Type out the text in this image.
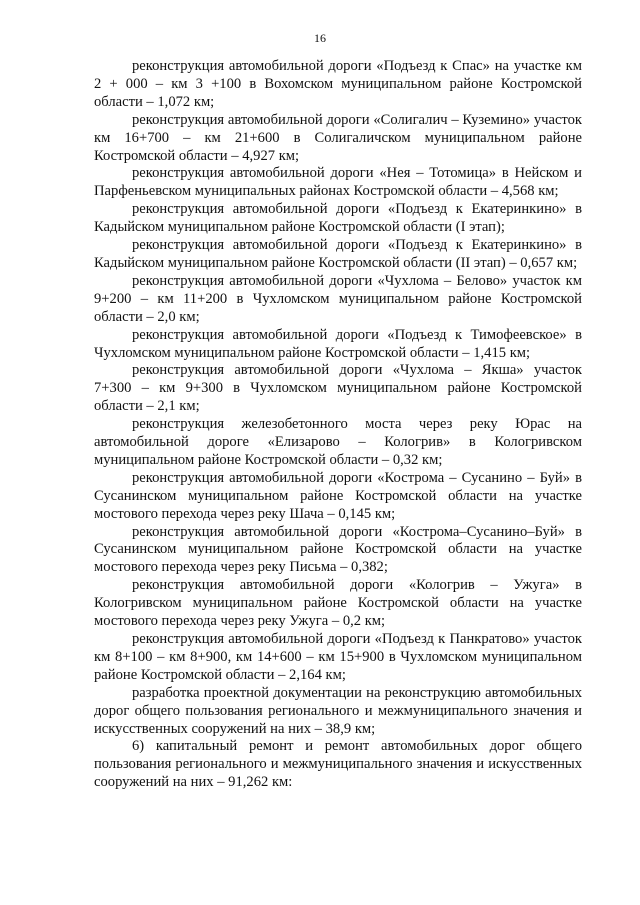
16

реконструкция автомобильной дороги «Подъезд к Спас» на участке км 2 + 000 – км 3 +100 в Вохомском муниципальном районе Костромской области – 1,072 км;

реконструкция автомобильной дороги «Солигалич – Куземино» участок км 16+700 – км 21+600 в Солигаличском муниципальном районе Костромской области – 4,927 км;

реконструкция автомобильной дороги «Нея – Тотомица» в Нейском и Парфеньевском муниципальных районах Костромской области – 4,568 км;

реконструкция автомобильной дороги «Подъезд к Екатеринкино» в Кадыйском муниципальном районе Костромской области (I этап);

реконструкция автомобильной дороги «Подъезд к Екатеринкино» в Кадыйском муниципальном районе Костромской области (II этап) – 0,657 км;

реконструкция автомобильной дороги «Чухлома – Белово» участок км 9+200 – км 11+200 в Чухломском муниципальном районе Костромской области – 2,0 км;

реконструкция автомобильной дороги «Подъезд к Тимофеевское» в Чухломском муниципальном районе Костромской области – 1,415 км;

реконструкция автомобильной дороги «Чухлома – Якша» участок 7+300 – км 9+300 в Чухломском муниципальном районе Костромской области – 2,1 км;

реконструкция железобетонного моста через реку Юрас на автомобильной дороге «Елизарово – Кологрив» в Кологривском муниципальном районе Костромской области – 0,32 км;

реконструкция автомобильной дороги «Кострома – Сусанино – Буй» в Сусанинском муниципальном районе Костромской области на участке мостового перехода через реку Шача – 0,145 км;

реконструкция автомобильной дороги «Кострома–Сусанино–Буй» в Сусанинском муниципальном районе Костромской области на участке мостового перехода через реку Письма – 0,382;

реконструкция автомобильной дороги «Кологрив – Ужуга» в Кологривском муниципальном районе Костромской области на участке мостового перехода через реку Ужуга – 0,2 км;

реконструкция автомобильной дороги «Подъезд к Панкратово» участок км 8+100 – км 8+900, км 14+600 – км 15+900 в Чухломском муниципальном районе Костромской области – 2,164 км;

разработка проектной документации на реконструкцию автомобильных дорог общего пользования регионального и межмуниципального значения и искусственных сооружений на них – 38,9 км;

6) капитальный ремонт и ремонт автомобильных дорог общего пользования регионального и межмуниципального значения и искусственных сооружений на них – 91,262 км:
